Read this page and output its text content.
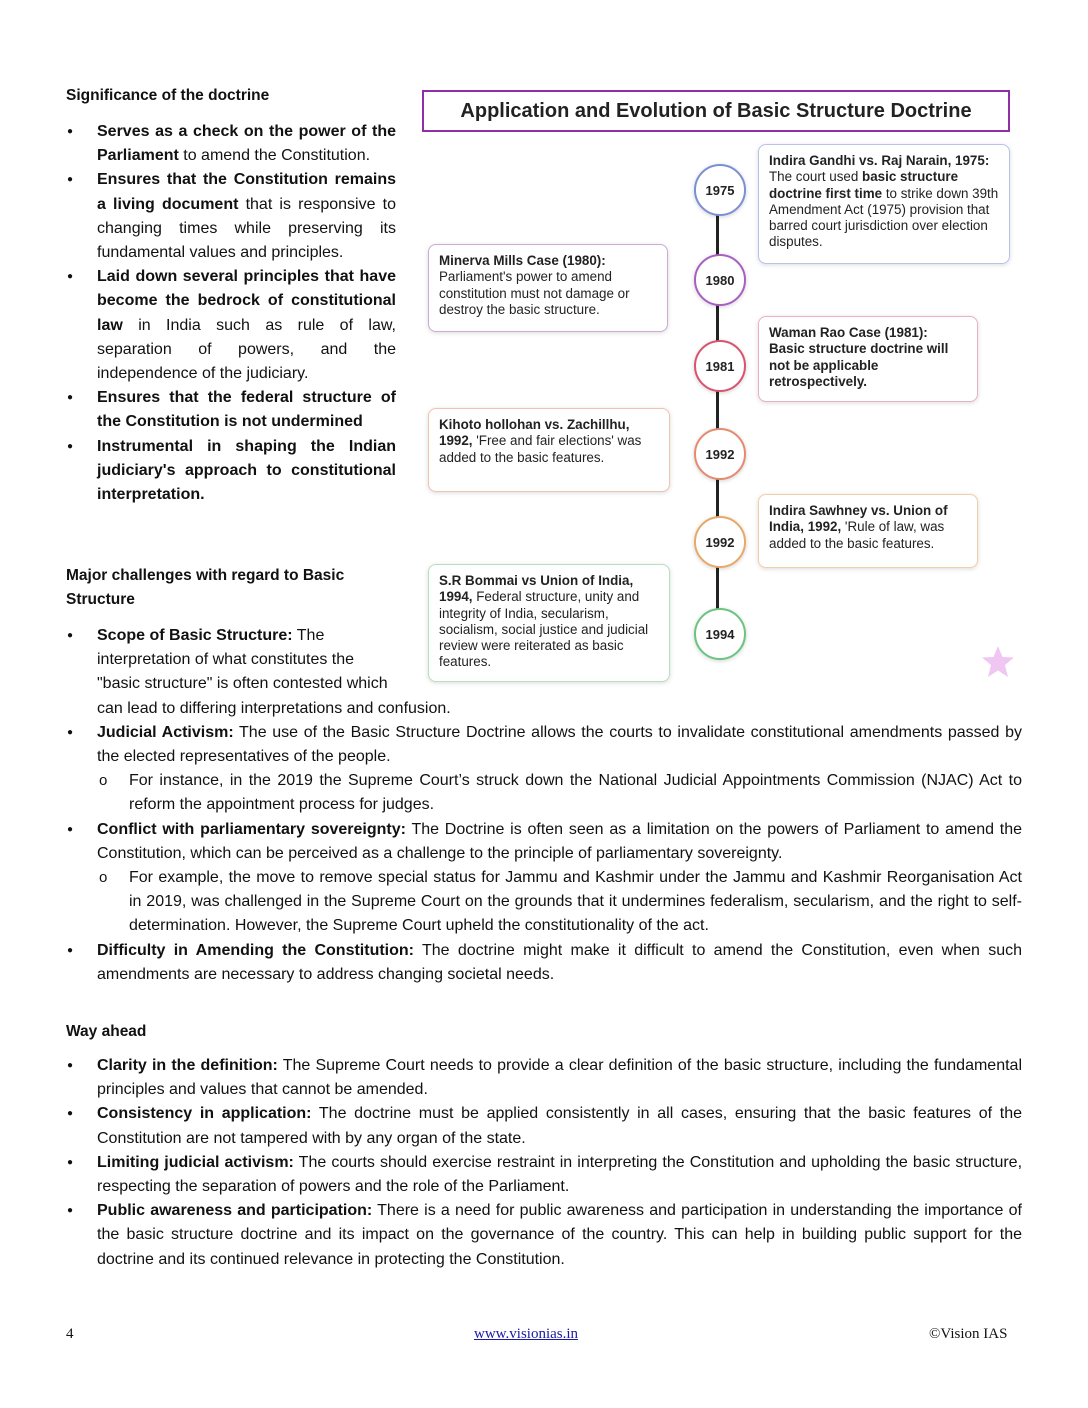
Significance of the doctrine
● Serves as a check on the power of the Parliament to amend the Constitution.
● Ensures that the Constitution remains a living document that is responsive to changing times while preserving its fundamental values and principles.
● Laid down several principles that have become the bedrock of constitutional law in India such as rule of law, separation of powers, and the independence of the judiciary.
● Ensures that the federal structure of the Constitution is not undermined
● Instrumental in shaping the Indian judiciary's approach to constitutional interpretation.
Major challenges with regard to Basic Structure
● Scope of Basic Structure: The interpretation of what constitutes the "basic structure" is often contested which can lead to differing interpretations and confusion.
● Judicial Activism: The use of the Basic Structure Doctrine allows the courts to invalidate constitutional amendments passed by the elected representatives of the people.
o For instance, in the 2019 the Supreme Court’s struck down the National Judicial Appointments Commission (NJAC) Act to reform the appointment process for judges.
● Conflict with parliamentary sovereignty: The Doctrine is often seen as a limitation on the powers of Parliament to amend the Constitution, which can be perceived as a challenge to the principle of parliamentary sovereignty.
o For example, the move to remove special status for Jammu and Kashmir under the Jammu and Kashmir Reorganisation Act in 2019, was challenged in the Supreme Court on the grounds that it undermines federalism, secularism, and the right to self-determination. However, the Supreme Court upheld the constitutionality of the act.
● Difficulty in Amending the Constitution: The doctrine might make it difficult to amend the Constitution, even when such amendments are necessary to address changing societal needs.
Way ahead
● Clarity in the definition: The Supreme Court needs to provide a clear definition of the basic structure, including the fundamental principles and values that cannot be amended.
● Consistency in application: The doctrine must be applied consistently in all cases, ensuring that the basic features of the Constitution are not tampered with by any organ of the state.
● Limiting judicial activism: The courts should exercise restraint in interpreting the Constitution and upholding the basic structure, respecting the separation of powers and the role of the Parliament.
● Public awareness and participation: There is a need for public awareness and participation in understanding the importance of the basic structure doctrine and its impact on the governance of the country. This can help in building public support for the doctrine and its continued relevance in protecting the Constitution.
Application and Evolution of Basic Structure Doctrine
1975
Indira Gandhi vs. Raj Narain, 1975:
The court used basic structure doctrine first time to strike down 39th Amendment Act (1975) provision that barred court jurisdiction over election disputes.
1980
Minerva Mills Case (1980):
Parliament's power to amend constitution must not damage or destroy the basic structure.
1981
Waman Rao Case (1981):
Basic structure doctrine will not be applicable retrospectively.
1992
Kihoto hollohan vs. Zachillhu, 1992, 'Free and fair elections' was added to the basic features.
1992
Indira Sawhney vs. Union of India, 1992, 'Rule of law, was added to the basic features.
1994
S.R Bommai vs Union of India, 1994, Federal structure, unity and integrity of India, secularism, socialism, social justice and judicial review were reiterated as basic features.
4	www.visionias.in	©Vision IAS
